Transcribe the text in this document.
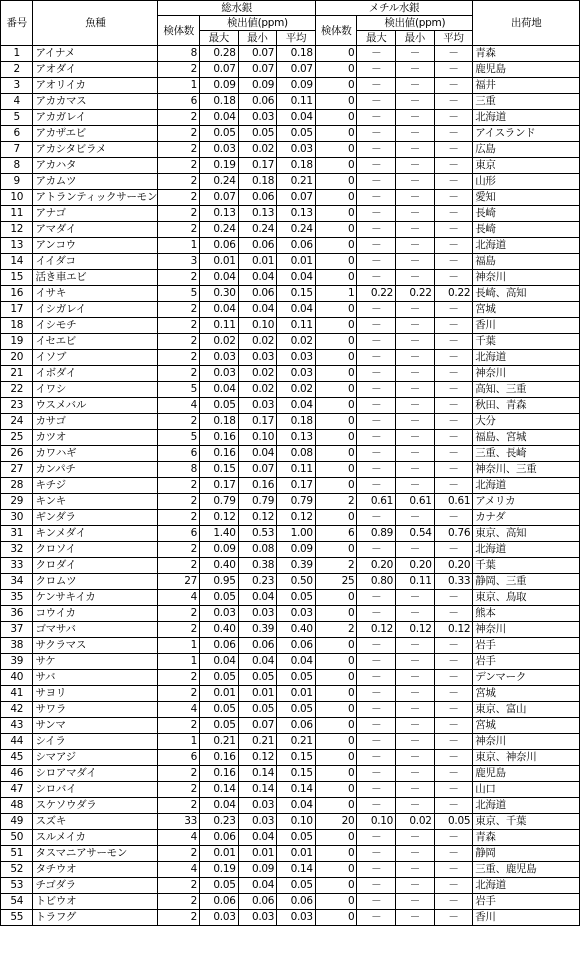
番号	魚種	総水銀				メチル水銀				出荷地
		検体数	検出値(ppm)			検体数	検出値(ppm)			
			最大	最小	平均		最大	最小	平均	
1	アイナメ	8	0.28	0.07	0.18	0	－	－	－	青森
2	アオダイ	2	0.07	0.07	0.07	0	－	－	－	鹿児島
3	アオリイカ	1	0.09	0.09	0.09	0	－	－	－	福井
4	アカカマス	6	0.18	0.06	0.11	0	－	－	－	三重
5	アカガレイ	2	0.04	0.03	0.04	0	－	－	－	北海道
6	アカザエビ	2	0.05	0.05	0.05	0	－	－	－	アイスランド
7	アカシタビラメ	2	0.03	0.02	0.03	0	－	－	－	広島
8	アカハタ	2	0.19	0.17	0.18	0	－	－	－	東京
9	アカムツ	2	0.24	0.18	0.21	0	－	－	－	山形
10	アトランティックサーモン	2	0.07	0.06	0.07	0	－	－	－	愛知
11	アナゴ	2	0.13	0.13	0.13	0	－	－	－	長崎
12	アマダイ	2	0.24	0.24	0.24	0	－	－	－	長崎
13	アンコウ	1	0.06	0.06	0.06	0	－	－	－	北海道
14	イイダコ	3	0.01	0.01	0.01	0	－	－	－	福島
15	活き車エビ	2	0.04	0.04	0.04	0	－	－	－	神奈川
16	イサキ	5	0.30	0.06	0.15	1	0.22	0.22	0.22	長崎、高知
17	イシガレイ	2	0.04	0.04	0.04	0	－	－	－	宮城
18	イシモチ	2	0.11	0.10	0.11	0	－	－	－	香川
19	イセエビ	2	0.02	0.02	0.02	0	－	－	－	千葉
20	イソブ	2	0.03	0.03	0.03	0	－	－	－	北海道
21	イボダイ	2	0.03	0.02	0.03	0	－	－	－	神奈川
22	イワシ	5	0.04	0.02	0.02	0	－	－	－	高知、三重
23	ウスメバル	4	0.05	0.03	0.04	0	－	－	－	秋田、青森
24	カサゴ	2	0.18	0.17	0.18	0	－	－	－	大分
25	カツオ	5	0.16	0.10	0.13	0	－	－	－	福島、宮城
26	カワハギ	6	0.16	0.04	0.08	0	－	－	－	三重、長崎
27	カンパチ	8	0.15	0.07	0.11	0	－	－	－	神奈川、三重
28	キチジ	2	0.17	0.16	0.17	0	－	－	－	北海道
29	キンキ	2	0.79	0.79	0.79	2	0.61	0.61	0.61	アメリカ
30	ギンダラ	2	0.12	0.12	0.12	0	－	－	－	カナダ
31	キンメダイ	6	1.40	0.53	1.00	6	0.89	0.54	0.76	東京、高知
32	クロソイ	2	0.09	0.08	0.09	0	－	－	－	北海道
33	クロダイ	2	0.40	0.38	0.39	2	0.20	0.20	0.20	千葉
34	クロムツ	27	0.95	0.23	0.50	25	0.80	0.11	0.33	静岡、三重
35	ケンサキイカ	4	0.05	0.04	0.05	0	－	－	－	東京、鳥取
36	コウイカ	2	0.03	0.03	0.03	0	－	－	－	熊本
37	ゴマサバ	2	0.40	0.39	0.40	2	0.12	0.12	0.12	神奈川
38	サクラマス	1	0.06	0.06	0.06	0	－	－	－	岩手
39	サケ	1	0.04	0.04	0.04	0	－	－	－	岩手
40	サバ	2	0.05	0.05	0.05	0	－	－	－	デンマーク
41	サヨリ	2	0.01	0.01	0.01	0	－	－	－	宮城
42	サワラ	4	0.05	0.05	0.05	0	－	－	－	東京、富山
43	サンマ	2	0.05	0.07	0.06	0	－	－	－	宮城
44	シイラ	1	0.21	0.21	0.21	0	－	－	－	神奈川
45	シマアジ	6	0.16	0.12	0.15	0	－	－	－	東京、神奈川
46	シロアマダイ	2	0.16	0.14	0.15	0	－	－	－	鹿児島
47	シロバイ	2	0.14	0.14	0.14	0	－	－	－	山口
48	スケソウダラ	2	0.04	0.03	0.04	0	－	－	－	北海道
49	スズキ	33	0.23	0.03	0.10	20	0.10	0.02	0.05	東京、千葉
50	スルメイカ	4	0.06	0.04	0.05	0	－	－	－	青森
51	タスマニアサーモン	2	0.01	0.01	0.01	0	－	－	－	静岡
52	タチウオ	4	0.19	0.09	0.14	0	－	－	－	三重、鹿児島
53	チゴダラ	2	0.05	0.04	0.05	0	－	－	－	北海道
54	トビウオ	2	0.06	0.06	0.06	0	－	－	－	岩手
55	トラフグ	2	0.03	0.03	0.03	0	－	－	－	香川
